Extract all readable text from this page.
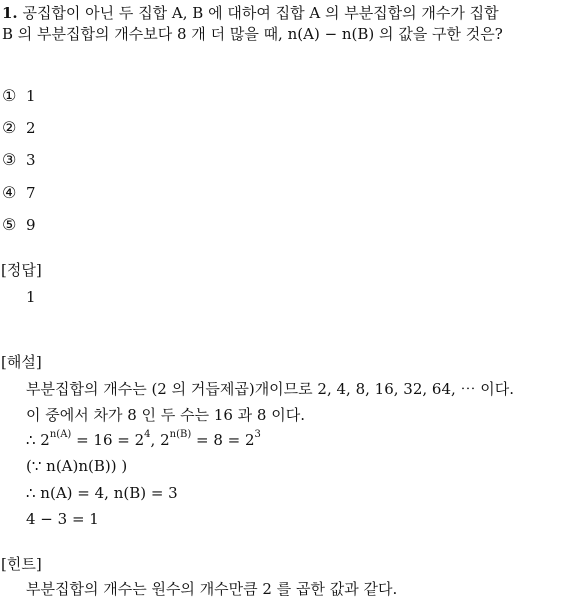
1. 공집합이 아닌 두 집합 A, B 에 대하여 집합 A 의 부분집합의 개수가 집합
B 의 부분집합의 개수보다 8 개 더 많을 때, n(A) − n(B) 의 값을 구한 것은?
① 1
② 2
③ 3
④ 7
⑤ 9
[정답]
1
[해설]
부분집합의 개수는 (2 의 거듭제곱)개이므로 2, 4, 8, 16, 32, 64, ⋯ 이다.
이 중에서 차가 8 인 두 수는 16 과 8 이다.
∴ $2^{n(A)} = 16 = 2^4$, $2^{n(B)} = 8 = 2^3$
(∵ n(A)n(B)) )
∴ n(A) = 4, n(B) = 3
4 − 3 = 1
[힌트]
부분집합의 개수는 원수의 개수만큼 2 를 곱한 값과 같다.
